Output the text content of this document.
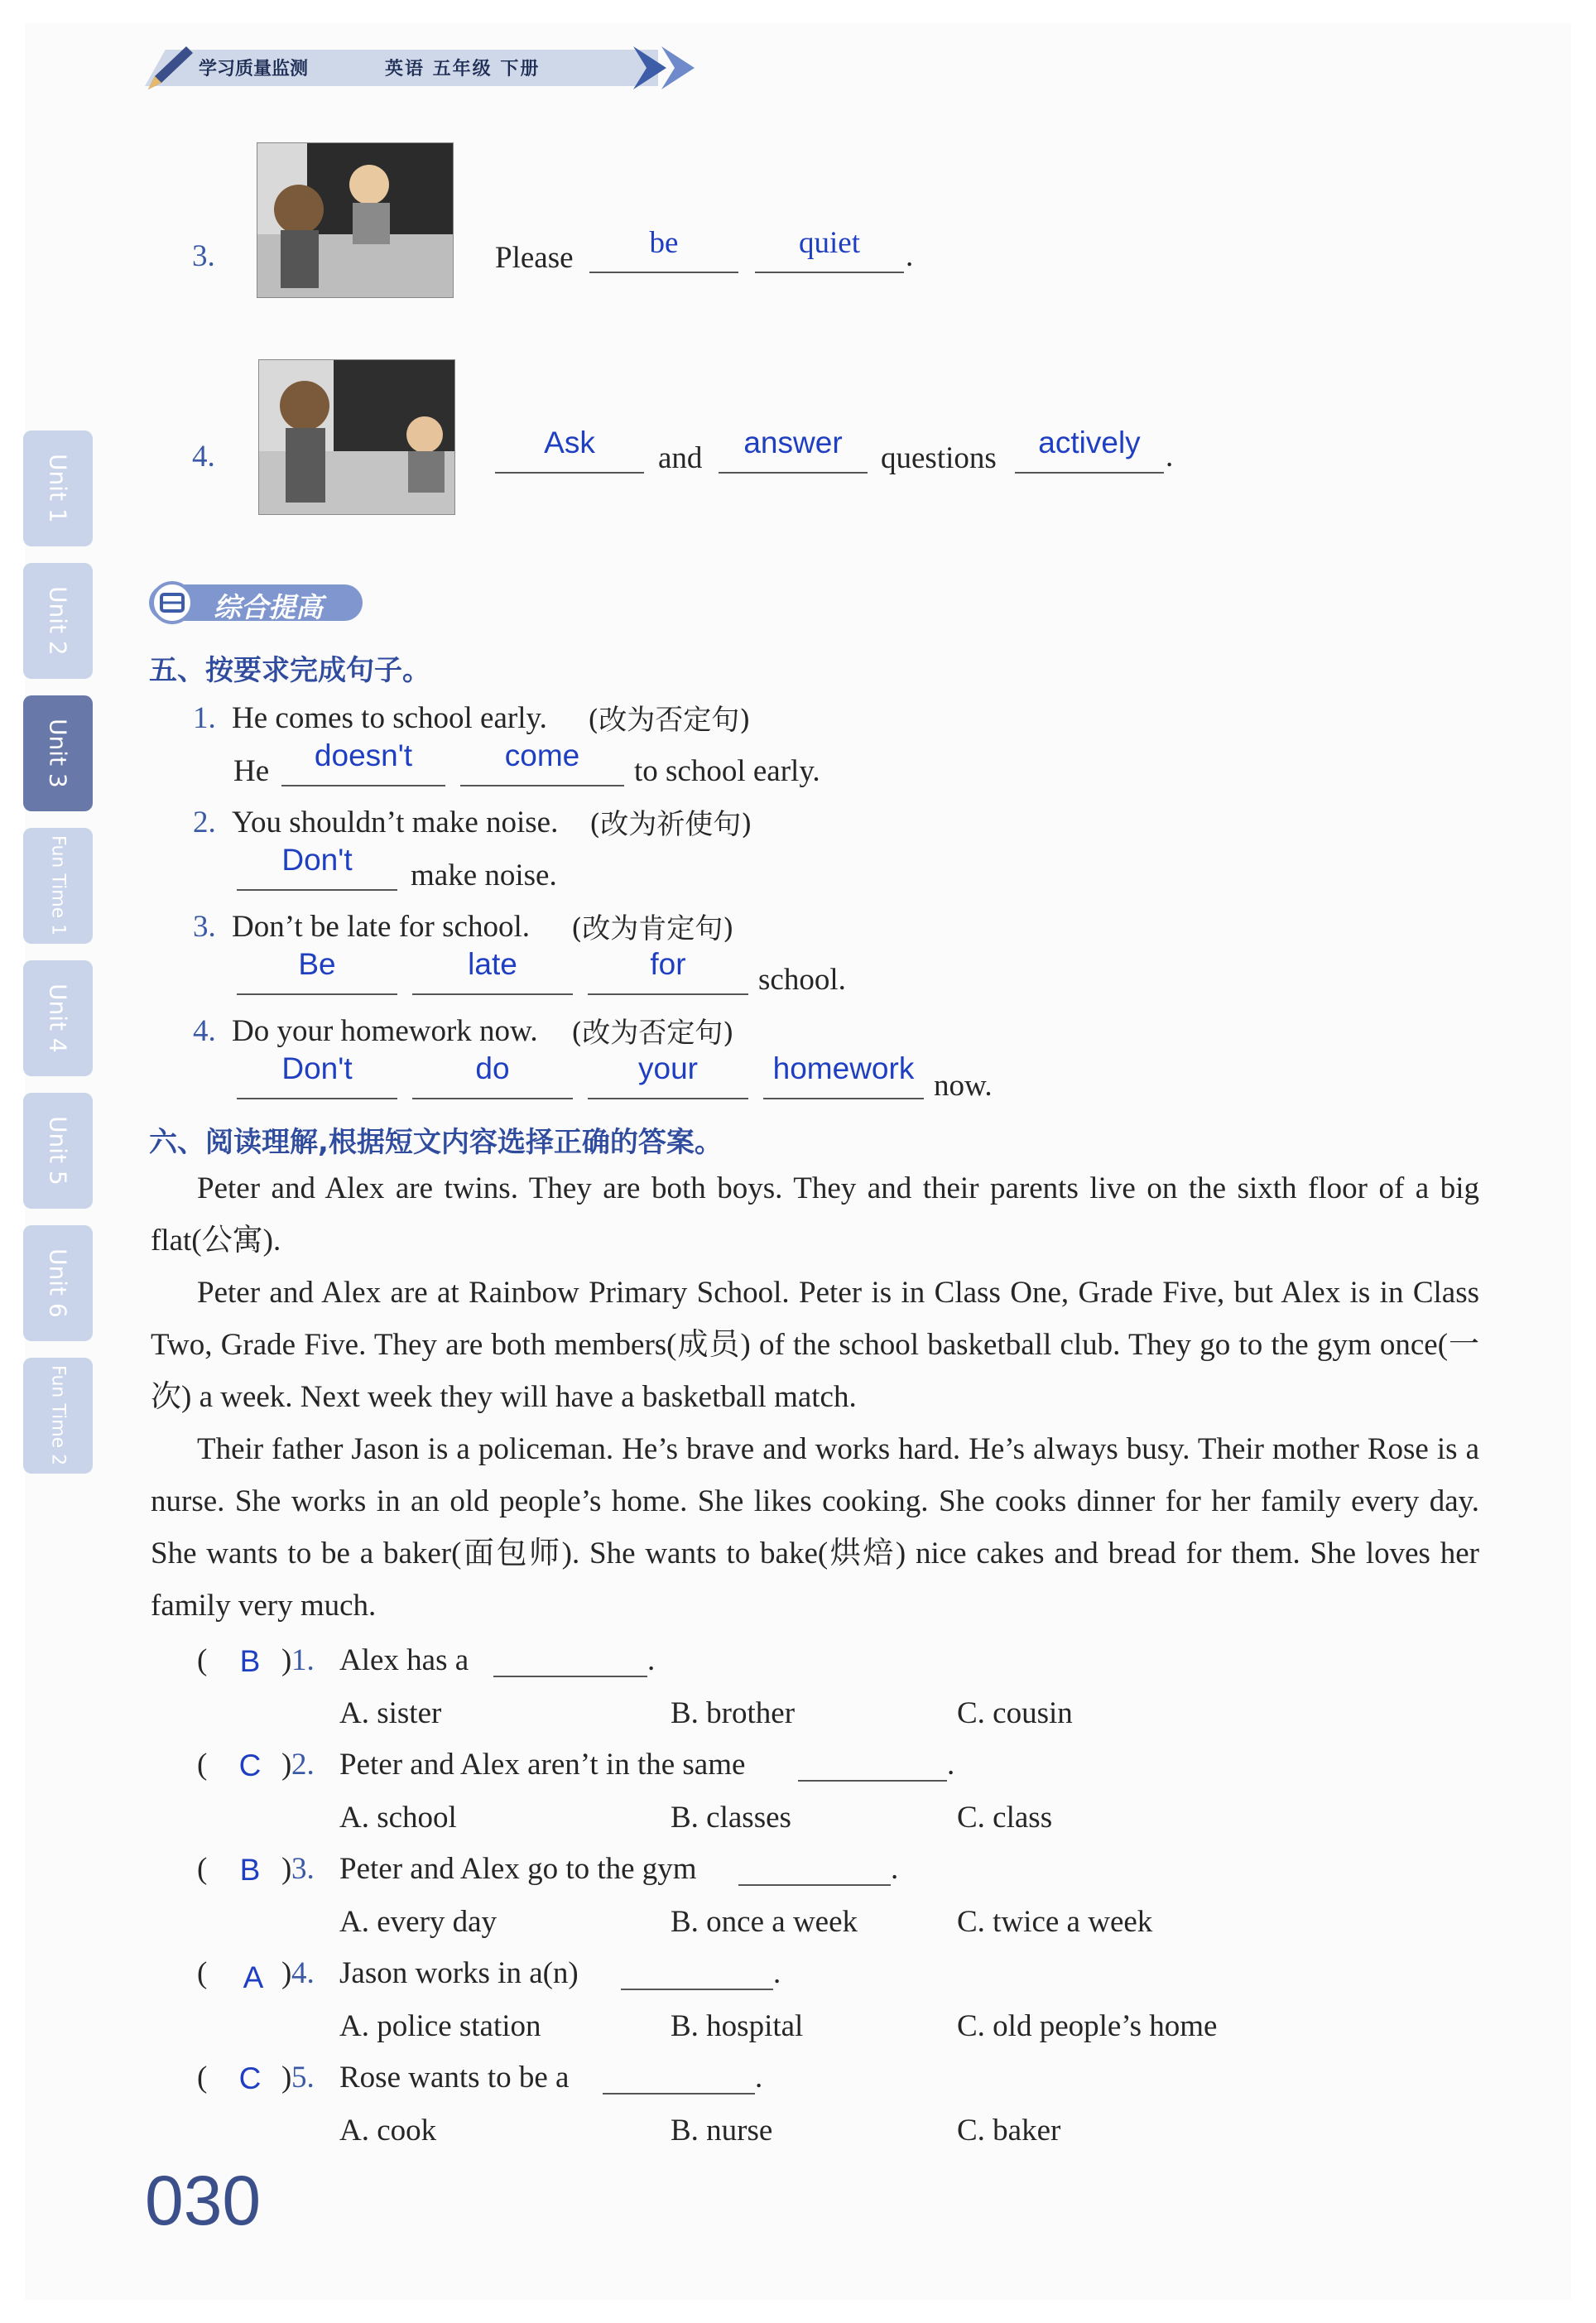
学习质量监测	英语 五年级 下册
Unit 1
Unit 2
Unit 3
Fun Time 1
Unit 4
Unit 5
Unit 6
Fun Time 2
3.	Please	be	quiet	.
4.	Ask	and	answer	questions	actively .
综合提高
五、按要求完成句子。
1. He comes to school early. (改为否定句)
He	doesn't	come	to school early.
2. You shouldn’t make noise. (改为祈使句)
Don't	make noise.
3. Don’t be late for school. (改为肯定句)
Be	late	for	school.
4. Do your homework now. (改为否定句)
Don't	do	your	homework
now.
六、阅读理解,根据短文内容选择正确的答案。

Peter and Alex are twins. They are both boys. They and their parents live on the sixth floor of a big flat(公寓).

Peter and Alex are at Rainbow Primary School. Peter is in Class One, Grade Five, but Alex is in Class Two, Grade Five. They are both members(成员) of the school basketball club. They go to the gym once(一次) a week. Next week they will have a basketball match.

Their father Jason is a policeman. He’s brave and works hard. He’s always busy. Their mother Rose is a nurse. She works in an old people’s home. She likes cooking. She cooks dinner for her family every day. She wants to be a baker(面包师). She wants to bake(烘焙) nice cakes and bread for them. She loves her family very much.

( B ) 1. Alex has a	.
A. sister	B. brother	C. cousin
( C ) 2. Peter and Alex aren’t in the same	.
A. school	B. classes	C. class
( B ) 3. Peter and Alex go to the gym	.
A. every day	B. once a week	C. twice a week
( A ) 4. Jason works in a(n)	.
A. police station	B. hospital	C. old people’s home
( C ) 5. Rose wants to be a	.
A. cook	B. nurse	C. baker
030
